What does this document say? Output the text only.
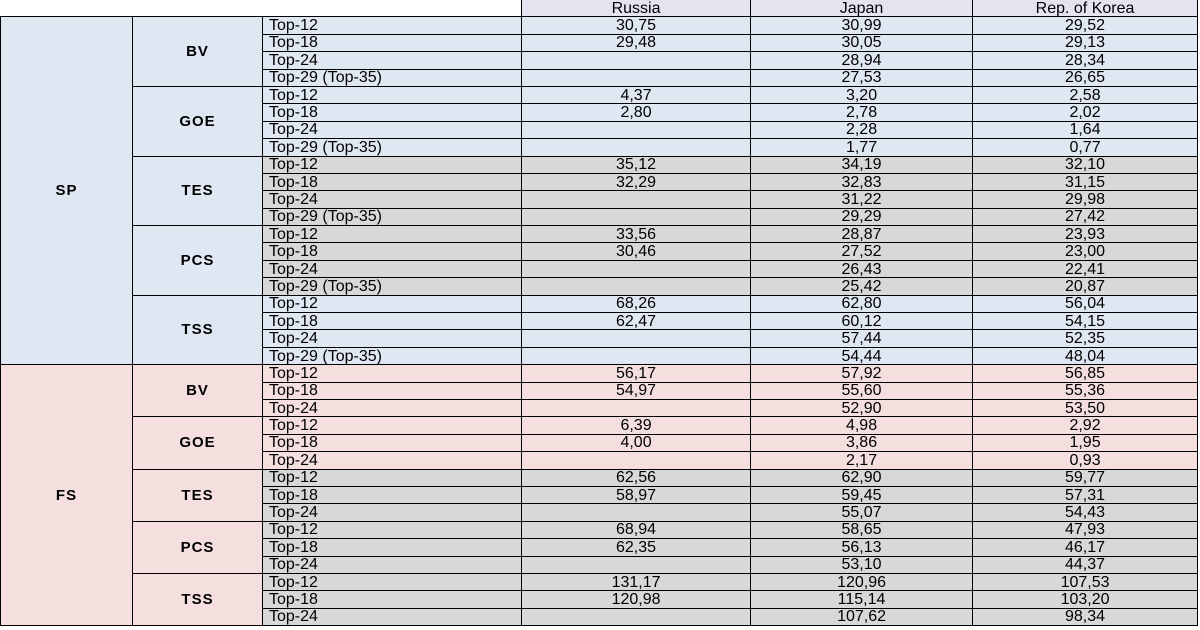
			Russia	Japan	Rep. of Korea
SP	BV	Top-12	30,75	30,99	29,52
		Top-18	29,48	30,05	29,13
		Top-24		28,94	28,34
		Top-29 (Top-35)		27,53	26,65
	GOE	Top-12	4,37	3,20	2,58
		Top-18	2,80	2,78	2,02
		Top-24		2,28	1,64
		Top-29 (Top-35)		1,77	0,77
	TES	Top-12	35,12	34,19	32,10
		Top-18	32,29	32,83	31,15
		Top-24		31,22	29,98
		Top-29 (Top-35)		29,29	27,42
	PCS	Top-12	33,56	28,87	23,93
		Top-18	30,46	27,52	23,00
		Top-24		26,43	22,41
		Top-29 (Top-35)		25,42	20,87
	TSS	Top-12	68,26	62,80	56,04
		Top-18	62,47	60,12	54,15
		Top-24		57,44	52,35
		Top-29 (Top-35)		54,44	48,04
FS	BV	Top-12	56,17	57,92	56,85
		Top-18	54,97	55,60	55,36
		Top-24		52,90	53,50
	GOE	Top-12	6,39	4,98	2,92
		Top-18	4,00	3,86	1,95
		Top-24		2,17	0,93
	TES	Top-12	62,56	62,90	59,77
		Top-18	58,97	59,45	57,31
		Top-24		55,07	54,43
	PCS	Top-12	68,94	58,65	47,93
		Top-18	62,35	56,13	46,17
		Top-24		53,10	44,37
	TSS	Top-12	131,17	120,96	107,53
		Top-18	120,98	115,14	103,20
		Top-24		107,62	98,34
